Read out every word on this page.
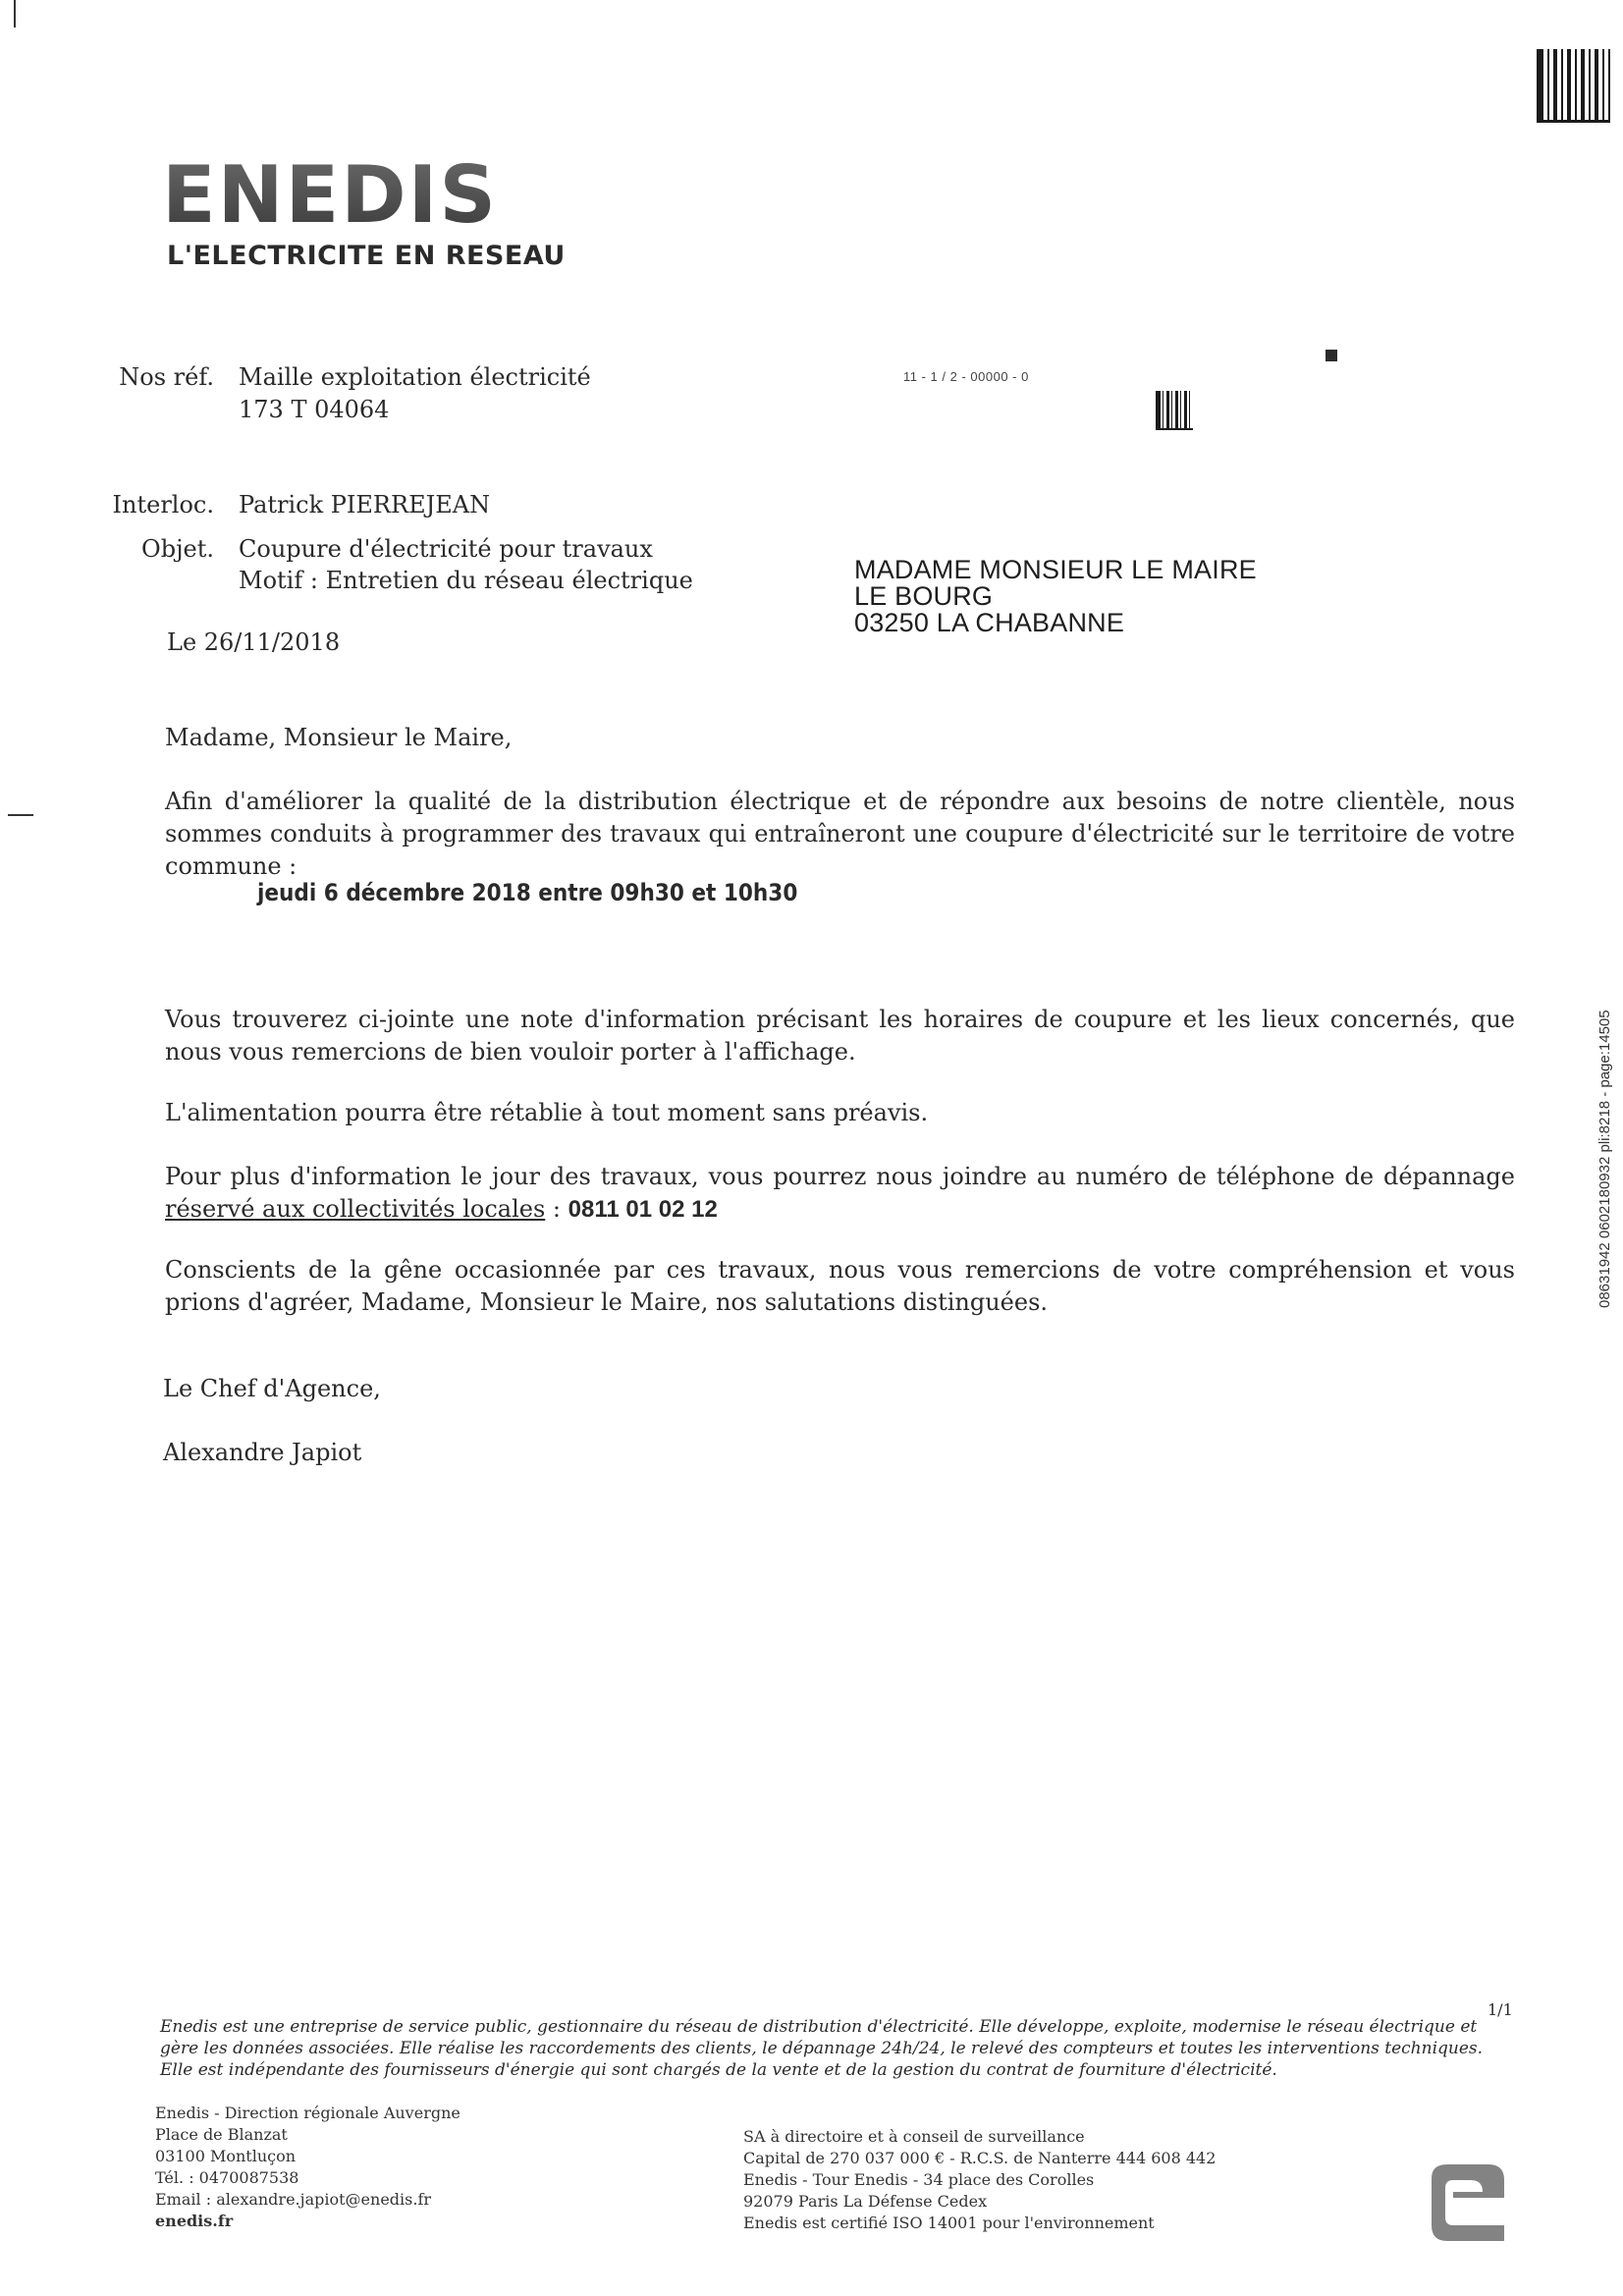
ENEDIS
L'ELECTRICITE EN RESEAU
Nos réf. Maille exploitation électricité
173 T 04064
11 - 1 / 2 - 00000 - 0
Interloc. Patrick PIERREJEAN
Objet. Coupure d'électricité pour travaux
Motif : Entretien du réseau électrique	MADAME MONSIEUR LE MAIRE
LE BOURG
03250 LA CHABANNE
Le 26/11/2018
Madame, Monsieur le Maire,
Afin d'améliorer la qualité de la distribution électrique et de répondre aux besoins de notre clientèle, nous sommes conduits à programmer des travaux qui entraîneront une coupure d'électricité sur le territoire de votre commune :
jeudi 6 décembre 2018 entre 09h30 et 10h30
Vous trouverez ci-jointe une note d'information précisant les horaires de coupure et les lieux concernés, que nous vous remercions de bien vouloir porter à l'affichage.
L'alimentation pourra être rétablie à tout moment sans préavis.
Pour plus d'information le jour des travaux, vous pourrez nous joindre au numéro de téléphone de dépannage réservé aux collectivités locales : 0811 01 02 12
Conscients de la gêne occasionnée par ces travaux, nous vous remercions de votre compréhension et vous prions d'agréer, Madame, Monsieur le Maire, nos salutations distinguées.
Le Chef d'Agence,
Alexandre Japiot
08631942 0602180932 pli:8218 - page:14505
1/1
Enedis est une entreprise de service public, gestionnaire du réseau de distribution d'électricité. Elle développe, exploite, modernise le réseau électrique et gère les données associées. Elle réalise les raccordements des clients, le dépannage 24h/24, le relevé des compteurs et toutes les interventions techniques. Elle est indépendante des fournisseurs d'énergie qui sont chargés de la vente et de la gestion du contrat de fourniture d'électricité.
Enedis - Direction régionale Auvergne
Place de Blanzat
03100 Montluçon
Tél. : 0470087538
Email : alexandre.japiot@enedis.fr
enedis.fr
SA à directoire et à conseil de surveillance
Capital de 270 037 000 € - R.C.S. de Nanterre 444 608 442
Enedis - Tour Enedis - 34 place des Corolles
92079 Paris La Défense Cedex
Enedis est certifié ISO 14001 pour l'environnement
